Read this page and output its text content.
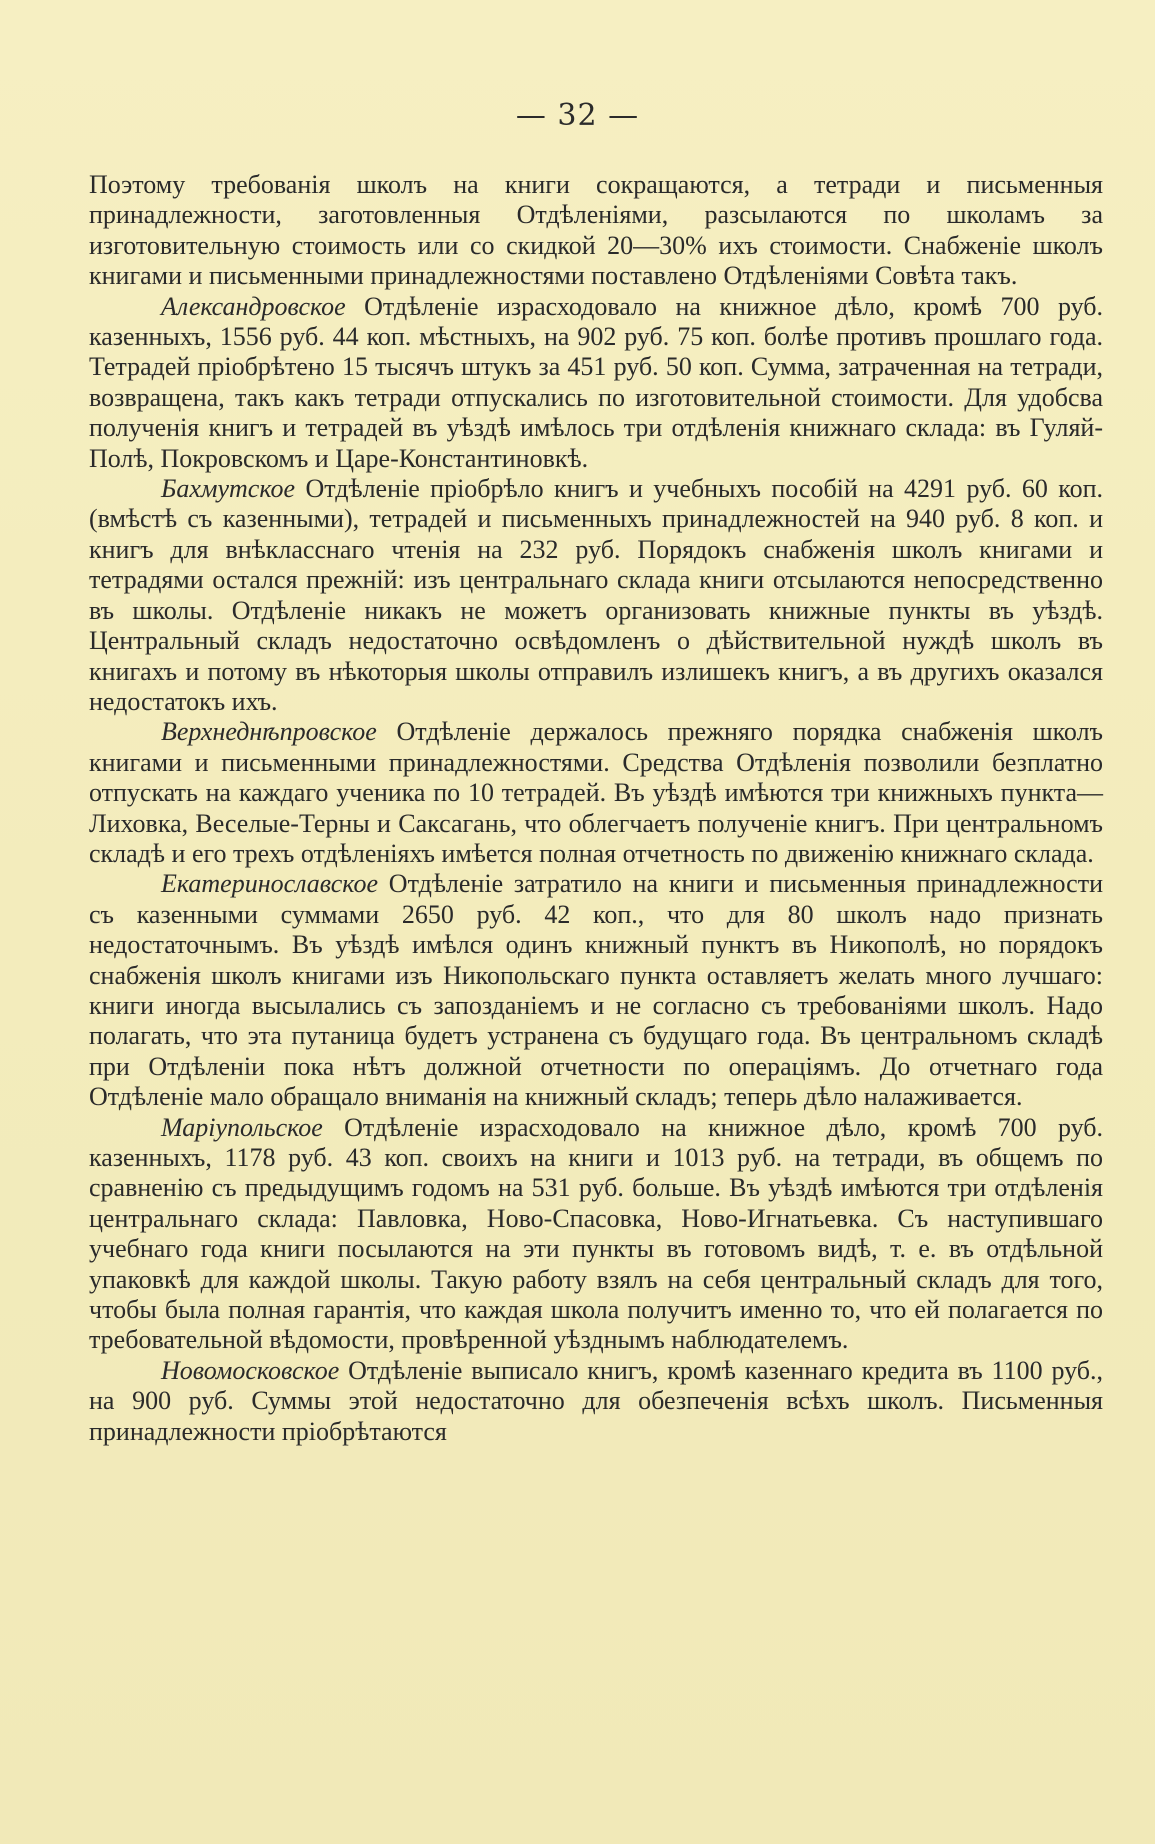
— 32 —

Поэтому требованія школъ на книги сокращаются, а тетради и письменныя принадлежности, заготовленныя Отдѣленіями, разсылаются по школамъ за изготовительную стоимость или со скидкой 20—30% ихъ стоимости. Снабженіе школъ книгами и письменными принадлежностями поставлено Отдѣленіями Совѣта такъ.

Александровское Отдѣленіе израсходовало на книжное дѣло, кромѣ 700 руб. казенныхъ, 1556 руб. 44 коп. мѣстныхъ, на 902 руб. 75 коп. болѣе противъ прошлаго года. Тетрадей пріобрѣтено 15 тысячъ штукъ за 451 руб. 50 коп. Сумма, затраченная на тетради, возвращена, такъ какъ тетради отпускались по изготовительной стоимости. Для удобсва полученія книгъ и тетрадей въ уѣздѣ имѣлось три отдѣленія книжнаго склада: въ Гуляй-Полѣ, Покровскомъ и Царе-Константиновкѣ.

Бахмутское Отдѣленіе пріобрѣло книгъ и учебныхъ пособій на 4291 руб. 60 коп. (вмѣстѣ съ казенными), тетрадей и письменныхъ принадлежностей на 940 руб. 8 коп. и книгъ для внѣкласснаго чтенія на 232 руб. Порядокъ снабженія школъ книгами и тетрадями остался прежній: изъ центральнаго склада книги отсылаются непосредственно въ школы. Отдѣленіе никакъ не можетъ организовать книжные пункты въ уѣздѣ. Центральный складъ недостаточно освѣдомленъ о дѣйствительной нуждѣ школъ въ книгахъ и потому въ нѣкоторыя школы отправилъ излишекъ книгъ, а въ другихъ оказался недостатокъ ихъ.

Верхнеднѣпровское Отдѣленіе держалось прежняго порядка снабженія школъ книгами и письменными принадлежностями. Средства Отдѣленія позволили безплатно отпускать на каждаго ученика по 10 тетрадей. Въ уѣздѣ имѣются три книжныхъ пункта—Лиховка, Веселые-Терны и Саксагань, что облегчаетъ полученіе книгъ. При центральномъ складѣ и его трехъ отдѣленіяхъ имѣется полная отчетность по движенію книжнаго склада.

Екатеринославское Отдѣленіе затратило на книги и письменныя принадлежности съ казенными суммами 2650 руб. 42 коп., что для 80 школъ надо признать недостаточнымъ. Въ уѣздѣ имѣлся одинъ книжный пунктъ въ Никополѣ, но порядокъ снабженія школъ книгами изъ Никопольскаго пункта оставляетъ желать много лучшаго: книги иногда высылались съ запозданіемъ и не согласно съ требованіями школъ. Надо полагать, что эта путаница будетъ устранена съ будущаго года. Въ центральномъ складѣ при Отдѣленіи пока нѣтъ должной отчетности по операціямъ. До отчетнаго года Отдѣленіе мало обращало вниманія на книжный складъ; теперь дѣло налаживается.

Маріупольское Отдѣленіе израсходовало на книжное дѣло, кромѣ 700 руб. казенныхъ, 1178 руб. 43 коп. своихъ на книги и 1013 руб. на тетради, въ общемъ по сравненію съ предыдущимъ годомъ на 531 руб. больше. Въ уѣздѣ имѣются три отдѣленія центральнаго склада: Павловка, Ново-Спасовка, Ново-Игнатьевка. Съ наступившаго учебнаго года книги посылаются на эти пункты въ готовомъ видѣ, т. е. въ отдѣльной упаковкѣ для каждой школы. Такую работу взялъ на себя центральный складъ для того, чтобы была полная гарантія, что каждая школа получитъ именно то, что ей полагается по требовательной вѣдомости, провѣренной уѣзднымъ наблюдателемъ.

Новомосковское Отдѣленіе выписало книгъ, кромѣ казеннаго кредита въ 1100 руб., на 900 руб. Суммы этой недостаточно для обезпеченія всѣхъ школъ. Письменныя принадлежности пріобрѣтаются
